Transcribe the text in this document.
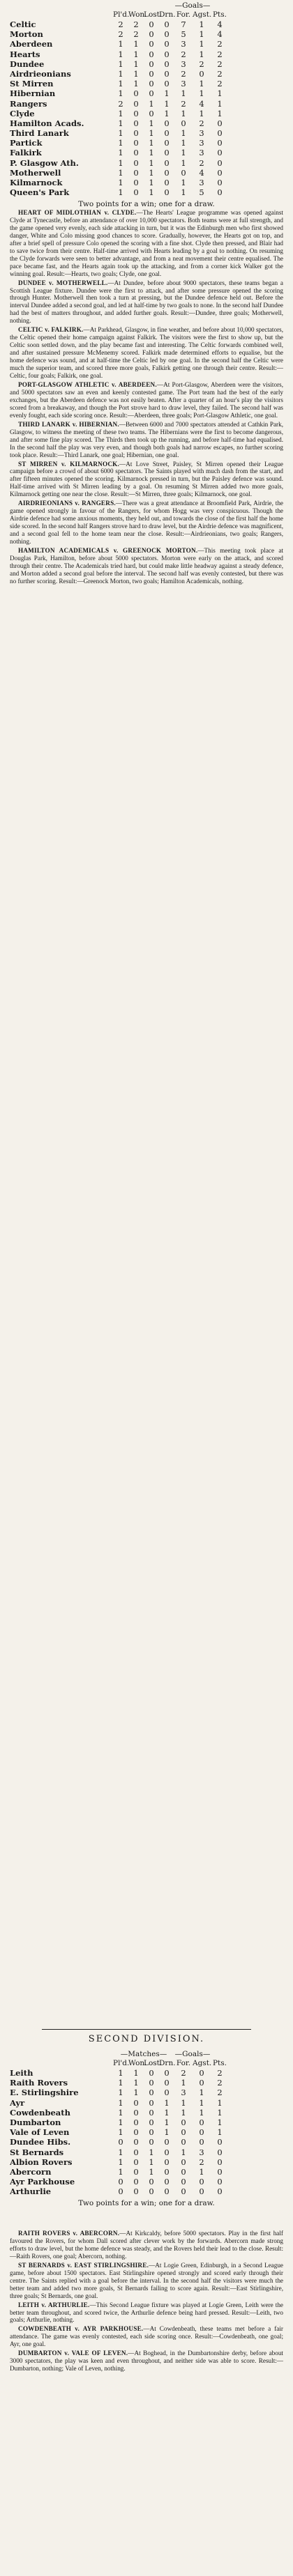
—Goals—
Pl'd.
Won.
Lost.
Drn. For. Agst. Pts.
Celtic	2	2	0	0	7	1	4
Morton	2	2	0	0	5	1	4
Aberdeen	1	1	0	0	3	1	2
Hearts	1	1	0	0	2	1	2
Dundee	1	1	0	0	3	2	2
Airdrieonians	1	1	0	0	2	0	2
St Mirren	1	1	0	0	3	1	2
Hibernian	1	0	0	1	1	1	1
Rangers	2	0	1	1	2	4	1
Clyde	1	0	0	1	1	1	1
Hamilton Acads.	1	0	1	0	0	2	0
Third Lanark	1	0	1	0	1	3	0
Partick	1	0	1	0	1	3	0
Falkirk	1	0	1	0	1	3	0
P. Glasgow Ath.	1	0	1	0	1	2	0
Motherwell	1	0	1	0	0	4	0
Kilmarnock	1	0	1	0	1	3	0
Queen's Park	1	0	1	0	1	5	0
Two points for a win; one for a draw.

HEART OF MIDLOTHIAN v. CLYDE.—The Hearts' League programme was opened against Clyde at Tynecastle, before an attendance of over 10,000 spectators. Both teams were at full strength, and the game opened very evenly, each side attacking in turn, but it was the Edinburgh men who first showed danger, White and Colo missing good chances to score. Gradually, however, the Hearts got on top, and after a brief spell of pressure Colo opened the scoring with a fine shot. Clyde then pressed, and Blair had to save twice from their centre. Half-time arrived with Hearts leading by a goal to nothing. On resuming the Clyde forwards were seen to better advantage, and from a neat movement their centre equalised. The pace became fast, and the Hearts again took up the attacking, and from a corner kick Walker got the winning goal. Result:—Hearts, two goals; Clyde, one goal.

DUNDEE v. MOTHERWELL.—At Dundee, before about 9000 spectators, these teams began a Scottish League fixture. Dundee were the first to attack, and after some pressure opened the scoring through Hunter. Motherwell then took a turn at pressing, but the Dundee defence held out. Before the interval Dundee added a second goal, and led at half-time by two goals to none. In the second half Dundee had the best of matters throughout, and added further goals. Result:—Dundee, three goals; Motherwell, nothing.

CELTIC v. FALKIRK.—At Parkhead, Glasgow, in fine weather, and before about 10,000 spectators, the Celtic opened their home campaign against Falkirk. The visitors were the first to show up, but the Celtic soon settled down, and the play became fast and interesting. The Celtic forwards combined well, and after sustained pressure McMenemy scored. Falkirk made determined efforts to equalise, but the home defence was sound, and at half-time the Celtic led by one goal. In the second half the Celtic were much the superior team, and scored three more goals, Falkirk getting one through their centre. Result:—Celtic, four goals; Falkirk, one goal.

PORT-GLASGOW ATHLETIC v. ABERDEEN.—At Port-Glasgow, Aberdeen were the visitors, and 5000 spectators saw an even and keenly contested game. The Port team had the best of the early exchanges, but the Aberdeen defence was not easily beaten. After a quarter of an hour's play the visitors scored from a breakaway, and though the Port strove hard to draw level, they failed. The second half was evenly fought, each side scoring once. Result:—Aberdeen, three goals; Port-Glasgow Athletic, one goal.

THIRD LANARK v. HIBERNIAN.—Between 6000 and 7000 spectators attended at Cathkin Park, Glasgow, to witness the meeting of these two teams. The Hibernians were the first to become dangerous, and after some fine play scored. The Thirds then took up the running, and before half-time had equalised. In the second half the play was very even, and though both goals had narrow escapes, no further scoring took place. Result:—Third Lanark, one goal; Hibernian, one goal.

ST MIRREN v. KILMARNOCK.—At Love Street, Paisley, St Mirren opened their League campaign before a crowd of about 6000 spectators. The Saints played with much dash from the start, and after fifteen minutes opened the scoring. Kilmarnock pressed in turn, but the Paisley defence was sound. Half-time arrived with St Mirren leading by a goal. On resuming St Mirren added two more goals, Kilmarnock getting one near the close. Result:—St Mirren, three goals; Kilmarnock, one goal.

AIRDRIEONIANS v. RANGERS.—There was a great attendance at Broomfield Park, Airdrie, the game opened strongly in favour of the Rangers, for whom Hogg was very conspicuous. Though the Airdrie defence had some anxious moments, they held out, and towards the close of the first half the home side scored. In the second half Rangers strove hard to draw level, but the Airdrie defence was magnificent, and a second goal fell to the home team near the close. Result:—Airdrieonians, two goals; Rangers, nothing.

HAMILTON ACADEMICALS v. GREENOCK MORTON.—This meeting took place at Douglas Park, Hamilton, before about 5000 spectators. Morton were early on the attack, and scored through their centre. The Academicals tried hard, but could make little headway against a steady defence, and Morton added a second goal before the interval. The second half was evenly contested, but there was no further scoring. Result:—Greenock Morton, two goals; Hamilton Academicals, nothing.

SECOND DIVISION.
—Matches—	—Goals—
Pl'd.
Won.
Lost.
Drn. For. Agst. Pts.
Leith	1	1	0	0	2	0	2
Raith Rovers	1	1	0	0	1	0	2
E. Stirlingshire	1	1	0	0	3	1	2
Ayr	1	0	0	1	1	1	1
Cowdenbeath	1	0	0	1	1	1	1
Dumbarton	1	0	0	1	0	0	1
Vale of Leven	1	0	0	1	0	0	1
Dundee Hibs.	0	0	0	0	0	0	0
St Bernards	1	0	1	0	1	3	0
Albion Rovers	1	0	1	0	0	2	0
Abercorn	1	0	1	0	0	1	0
Ayr Parkhouse	0	0	0	0	0	0	0
Arthurlie	0	0	0	0	0	0	0
Two points for a win; one for a draw.

RAITH ROVERS v. ABERCORN.—At Kirkcaldy, before 5000 spectators. Play in the first half favoured the Rovers, for whom Dall scored after clever work by the forwards. Abercorn made strong efforts to draw level, but the home defence was steady, and the Rovers held their lead to the close. Result:—Raith Rovers, one goal; Abercorn, nothing.

ST BERNARDS v. EAST STIRLINGSHIRE.—At Logie Green, Edinburgh, in a Second League game, before about 1500 spectators. East Stirlingshire opened strongly and scored early through their centre. The Saints replied with a goal before the interval. In the second half the visitors were much the better team and added two more goals, St Bernards failing to score again. Result:—East Stirlingshire, three goals; St Bernards, one goal.

LEITH v. ARTHURLIE.—This Second League fixture was played at Logie Green, Leith were the better team throughout, and scored twice, the Arthurlie defence being hard pressed. Result:—Leith, two goals; Arthurlie, nothing.

COWDENBEATH v. AYR PARKHOUSE.—At Cowdenbeath, these teams met before a fair attendance. The game was evenly contested, each side scoring once. Result:—Cowdenbeath, one goal; Ayr, one goal.

DUMBARTON v. VALE OF LEVEN.—At Boghead, in the Dumbartonshire derby, before about 3000 spectators, the play was keen and even throughout, and neither side was able to score. Result:—Dumbarton, nothing; Vale of Leven, nothing.
